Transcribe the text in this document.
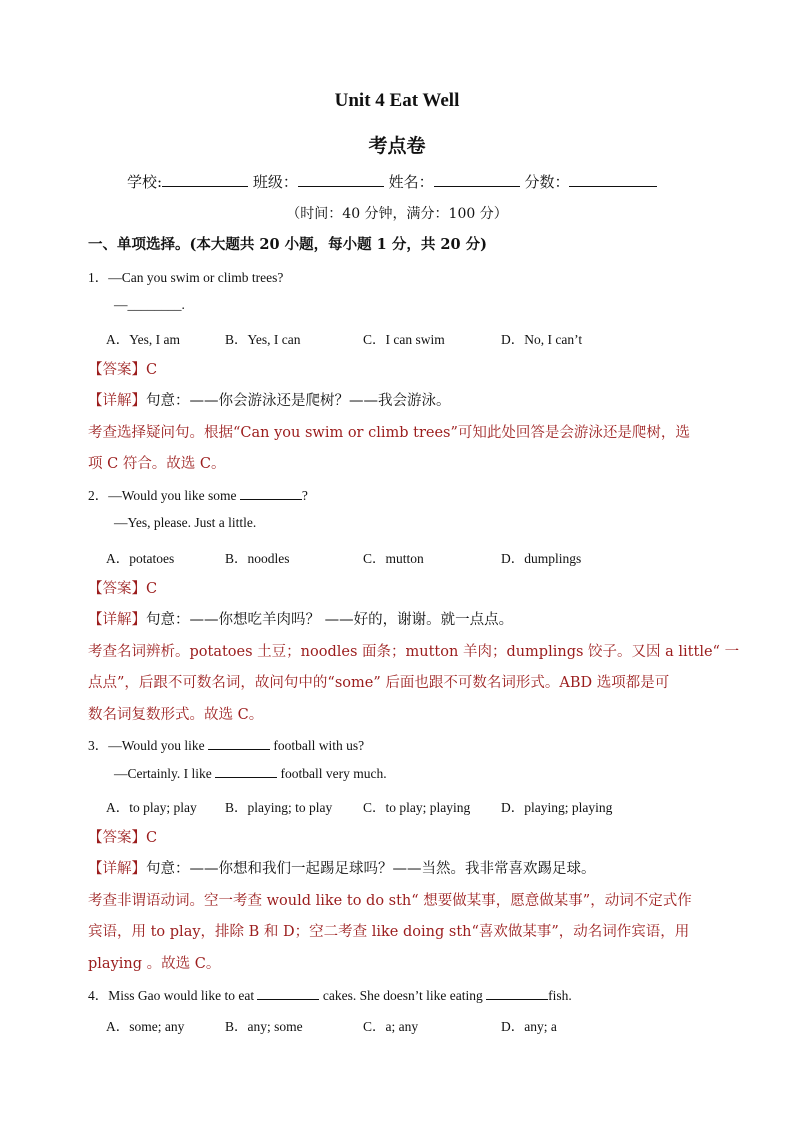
Unit 4 Eat Well
考点卷
学校:	班级：	姓名：	分数：
（时间：40 分钟，满分：100 分）
一、单项选择。(本大题共 20 小题，每小题 1 分，共 20 分)
1．—Can you swim or climb trees?
—________.
A．Yes, I am	B．Yes, I can	C．I can swim	D．No, I can’t
【答案】C
【详解】句意：——你会游泳还是爬树？——我会游泳。
考查选择疑问句。根据“Can you swim or climb trees”可知此处回答是会游泳还是爬树，选
项 C 符合。故选 C。
2．—Would you like some	?
—Yes, please. Just a little.
A．potatoes	B．noodles	C．mutton	D．dumplings
【答案】C
【详解】句意：——你想吃羊肉吗？ ——好的，谢谢。就一点点。
考查名词辨析。potatoes 土豆；noodles 面条；mutton 羊肉；dumplings 饺子。又因 a little“ 一
点点”，后跟不可数名词，故问句中的“some” 后面也跟不可数名词形式。ABD 选项都是可
数名词复数形式。故选 C。
3．—Would you like	football with us?
—Certainly. I like	football very much.
A．to play; play B．playing; to play C．to play; playing D．playing; playing
【答案】C
【详解】句意：——你想和我们一起踢足球吗？——当然。我非常喜欢踢足球。
考查非谓语动词。空一考查 would like to do sth“ 想要做某事，愿意做某事”，动词不定式作
宾语，用 to play，排除 B 和 D；空二考查 like doing sth“喜欢做某事”，动名词作宾语，用
playing 。故选 C。
4．Miss Gao would like to eat	cakes. She doesn’t like eating	fish.
A．some; any	B．any; some	C．a; any	D．any; a
